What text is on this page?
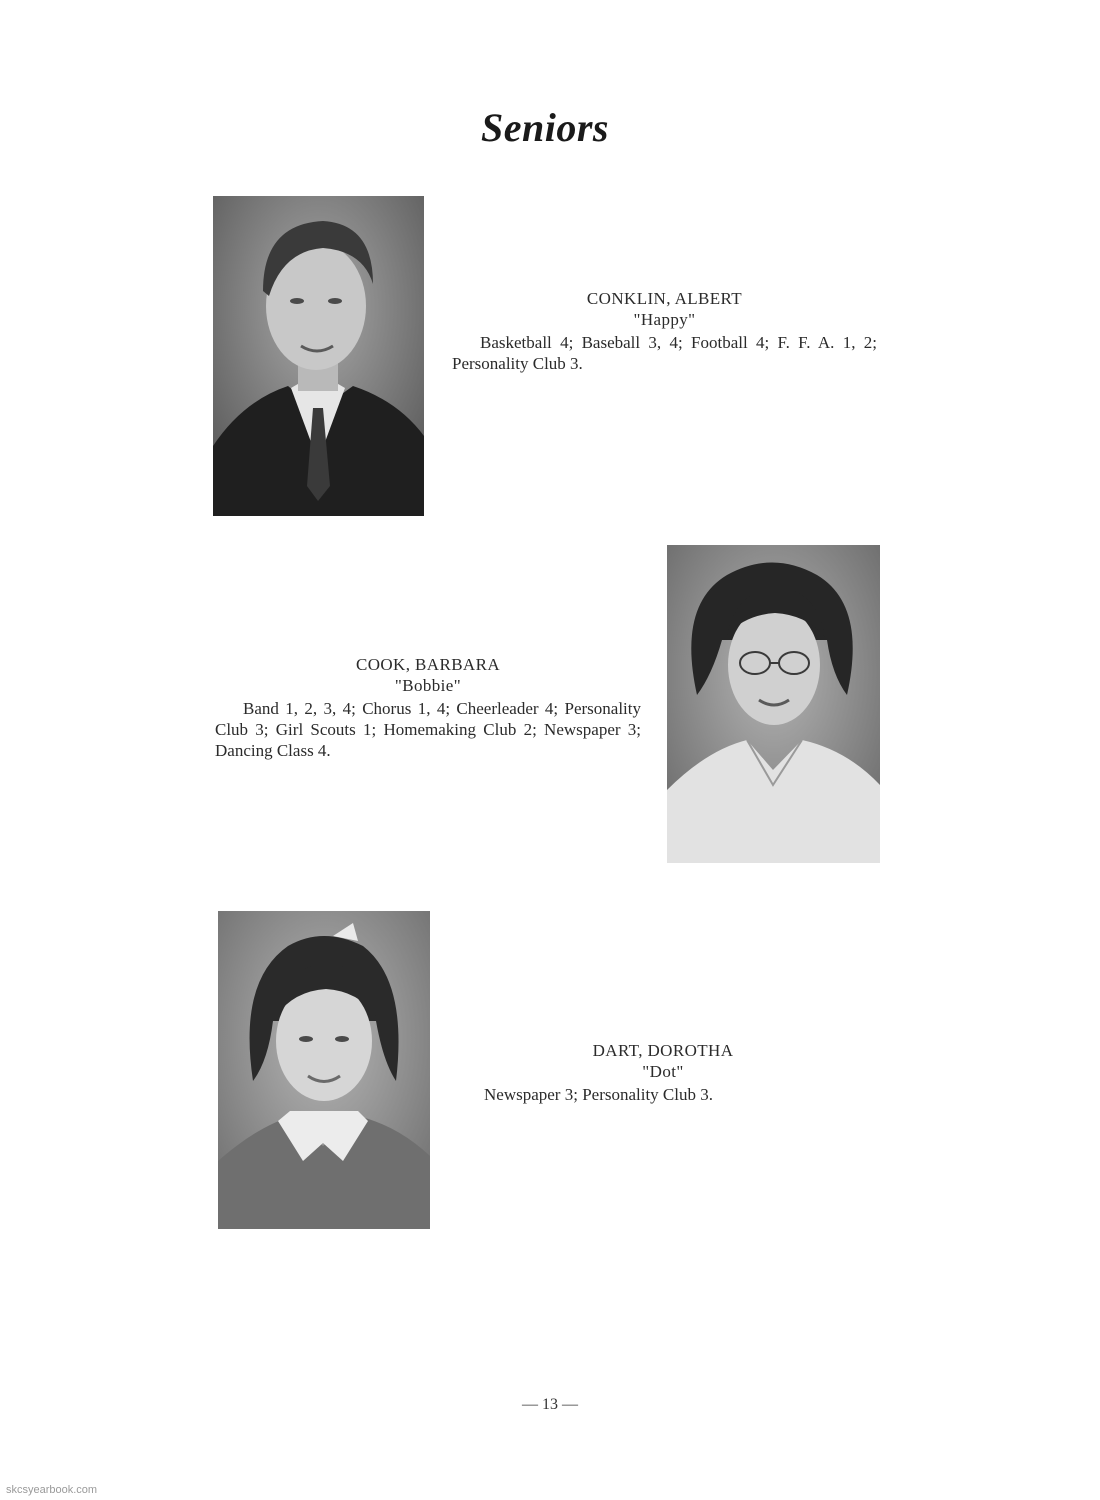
Seniors
CONKLIN, ALBERT
"Happy"
Basketball 4; Baseball 3, 4; Football 4; F. F. A. 1, 2; Personality Club 3.
COOK, BARBARA
"Bobbie"
Band 1, 2, 3, 4; Chorus 1, 4; Cheerleader 4; Personality Club 3; Girl Scouts 1; Homemaking Club 2; Newspaper 3; Dancing Class 4.
DART, DOROTHA
"Dot"
Newspaper 3; Personality Club 3.
— 13 —
skcsyearbook.com
